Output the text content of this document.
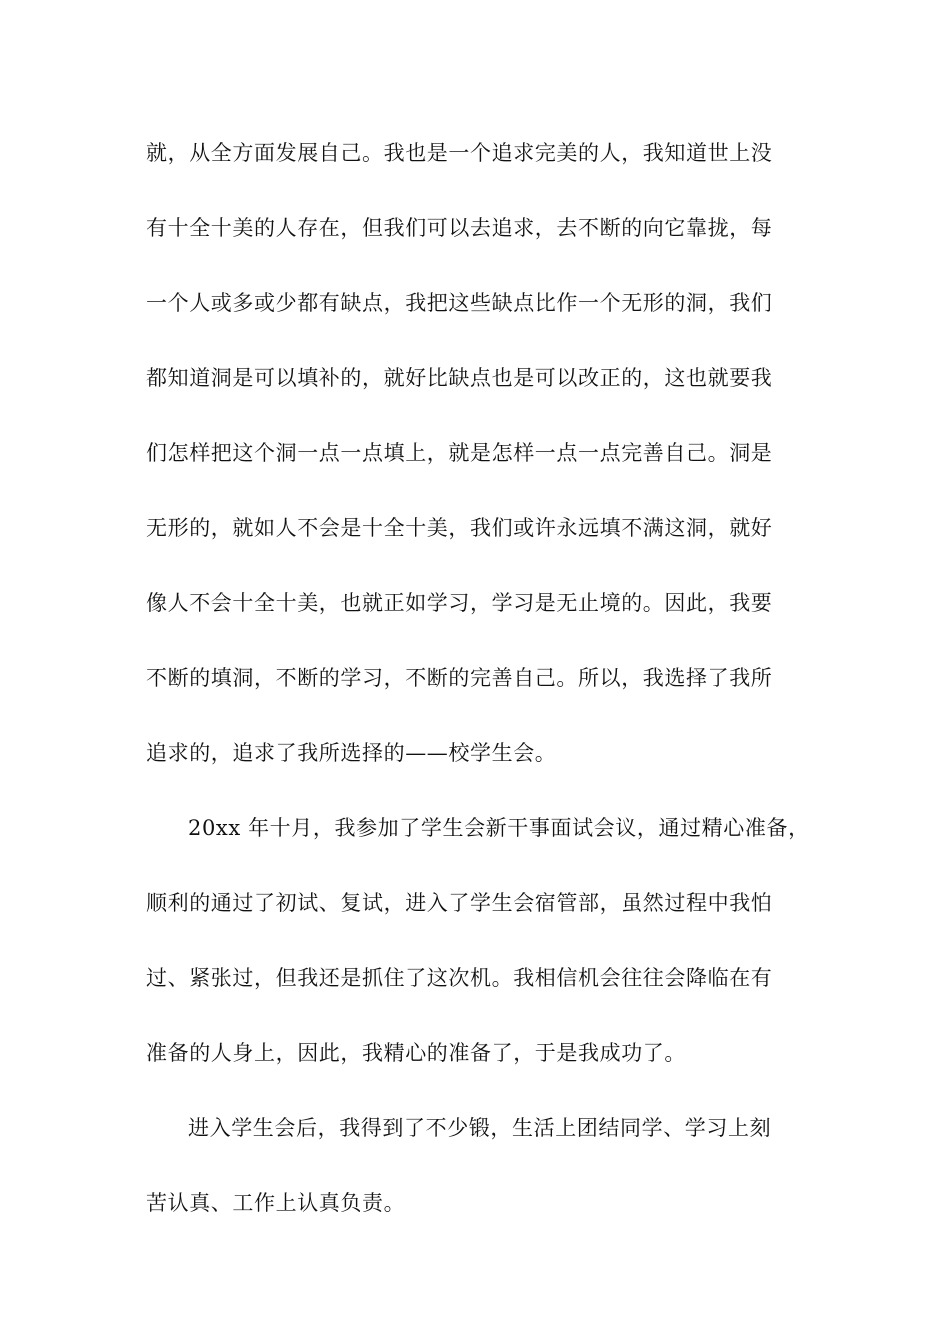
就，从全方面发展自己。我也是一个追求完美的人，我知道世上没
有十全十美的人存在，但我们可以去追求，去不断的向它靠拢，每
一个人或多或少都有缺点，我把这些缺点比作一个无形的洞，我们
都知道洞是可以填补的，就好比缺点也是可以改正的，这也就要我
们怎样把这个洞一点一点填上，就是怎样一点一点完善自己。洞是
无形的，就如人不会是十全十美，我们或许永远填不满这洞，就好
像人不会十全十美，也就正如学习，学习是无止境的。因此，我要
不断的填洞，不断的学习，不断的完善自己。所以，我选择了我所
追求的，追求了我所选择的——校学生会。
20xx 年十月，我参加了学生会新干事面试会议，通过精心准备，
顺利的通过了初试、复试，进入了学生会宿管部，虽然过程中我怕
过、紧张过，但我还是抓住了这次机。我相信机会往往会降临在有
准备的人身上，因此，我精心的准备了，于是我成功了。
进入学生会后，我得到了不少锻，生活上团结同学、学习上刻
苦认真、工作上认真负责。
